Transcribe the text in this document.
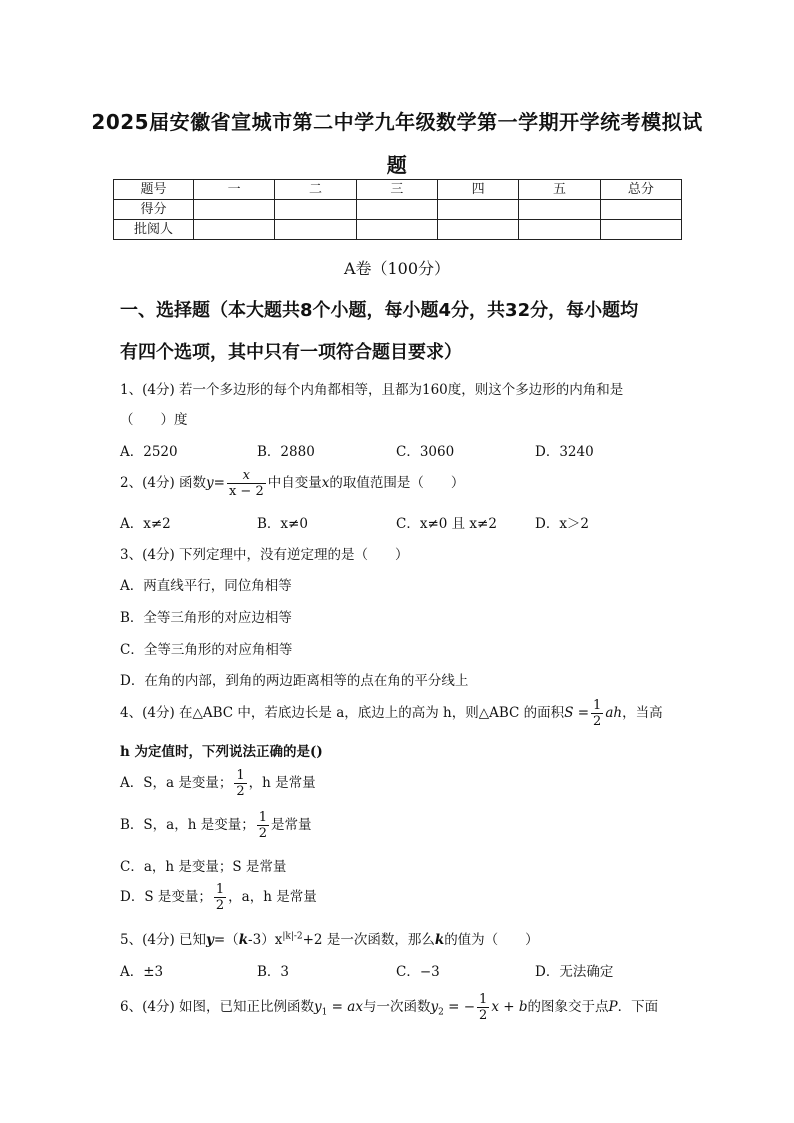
2025届安徽省宣城市第二中学九年级数学第一学期开学统考模拟试
题
题号	一	二	三	四	五	总分
得分						
批阅人						
A卷（100分）
一、选择题（本大题共8个小题，每小题4分，共32分，每小题均
有四个选项，其中只有一项符合题目要求）
1、(4分) 若一个多边形的每个内角都相等，且都为160度，则这个多边形的内角和是
（　　）度
A．2520	B．2880	C．3060	D．3240
2、(4分) 函数$y= \frac{x}{x - 2}$ 中自变量x的取值范围是（　　）
A．x≠2	B．x≠0	C．x≠0 且 x≠2	D．x＞2
3、(4分) 下列定理中，没有逆定理的是（　　）
A．两直线平行，同位角相等
B．全等三角形的对应边相等
C．全等三角形的对应角相等
D．在角的内部，到角的两边距离相等的点在角的平分线上
4、(4分) 在△ABC 中，若底边长是 a，底边上的高为 h，则△ABC 的面积$S = \frac{1}{2}$ ah，当高
h 为定值时，下列说法正确的是()
A．S，a 是变量； $\frac{1}{2}$ ，h 是常量
B．S，a，h 是变量； $\frac{1}{2}$ 是常量
C．a，h 是变量；S 是常量
D．S 是变量； $\frac{1}{2}$ ，a，h 是常量
5、(4分) 已知$y=(k-3)x^{|k|-2}+2$ 是一次函数，那么k的值为（　　）
A．±3	B．3	C．−3	D．无法确定
6、(4分) 如图，已知正比例函数$y_1$ = ax与一次函数$y_2$ = − $\frac{1}{2}$ x + b的图象交于点P．下面
